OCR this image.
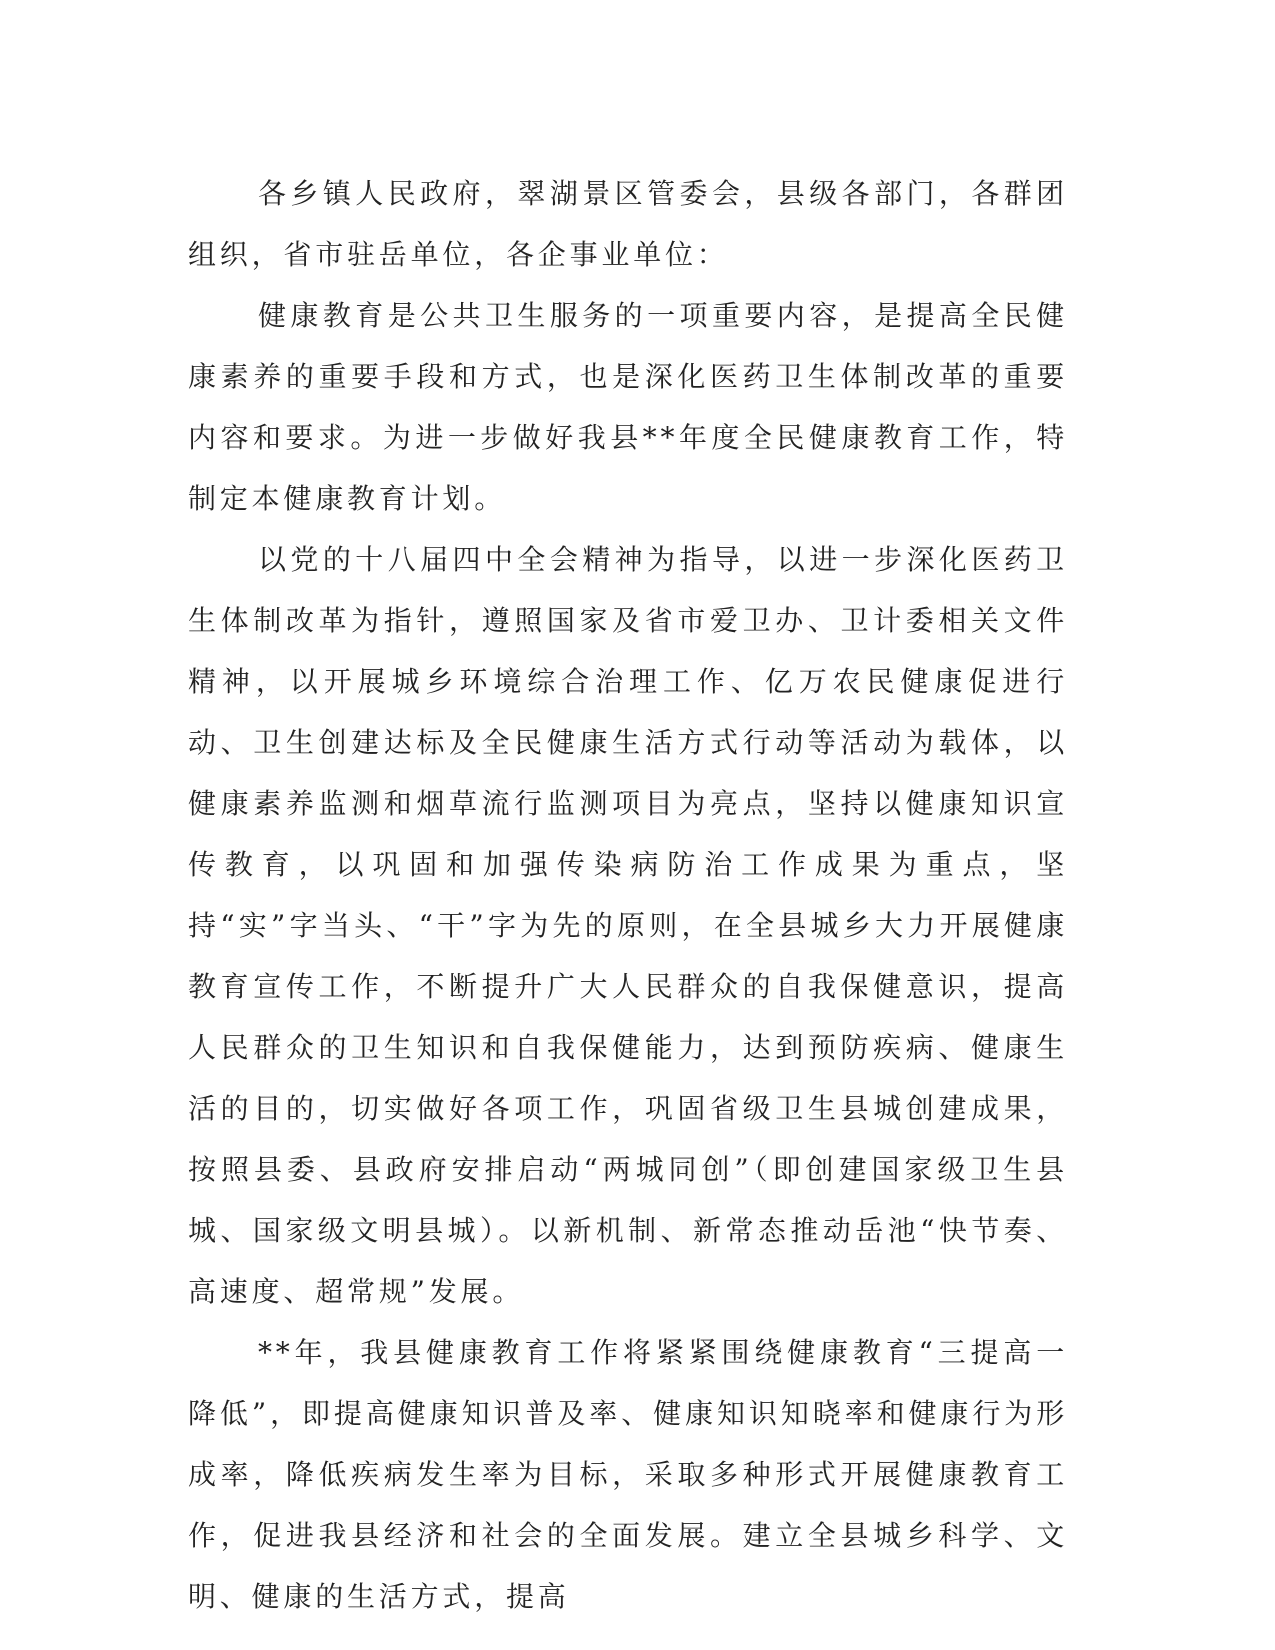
各乡镇人民政府，翠湖景区管委会，县级各部门，各群团组织，省市驻岳单位，各企事业单位：

健康教育是公共卫生服务的一项重要内容，是提高全民健康素养的重要手段和方式，也是深化医药卫生体制改革的重要内容和要求。为进一步做好我县**年度全民健康教育工作，特制定本健康教育计划。

以党的十八届四中全会精神为指导，以进一步深化医药卫生体制改革为指针，遵照国家及省市爱卫办、卫计委相关文件精神，以开展城乡环境综合治理工作、亿万农民健康促进行动、卫生创建达标及全民健康生活方式行动等活动为载体，以健康素养监测和烟草流行监测项目为亮点，坚持以健康知识宣传教育，以巩固和加强传染病防治工作成果为重点，坚持“实”字当头、“干”字为先的原则，在全县城乡大力开展健康教育宣传工作，不断提升广大人民群众的自我保健意识，提高人民群众的卫生知识和自我保健能力，达到预防疾病、健康生活的目的，切实做好各项工作，巩固省级卫生县城创建成果，按照县委、县政府安排启动“两城同创”（即创建国家级卫生县城、国家级文明县城）。以新机制、新常态推动岳池“快节奏、高速度、超常规”发展。

**年，我县健康教育工作将紧紧围绕健康教育“三提高一降低”，即提高健康知识普及率、健康知识知晓率和健康行为形成率，降低疾病发生率为目标，采取多种形式开展健康教育工作，促进我县经济和社会的全面发展。建立全县城乡科学、文明、健康的生活方式，提高
